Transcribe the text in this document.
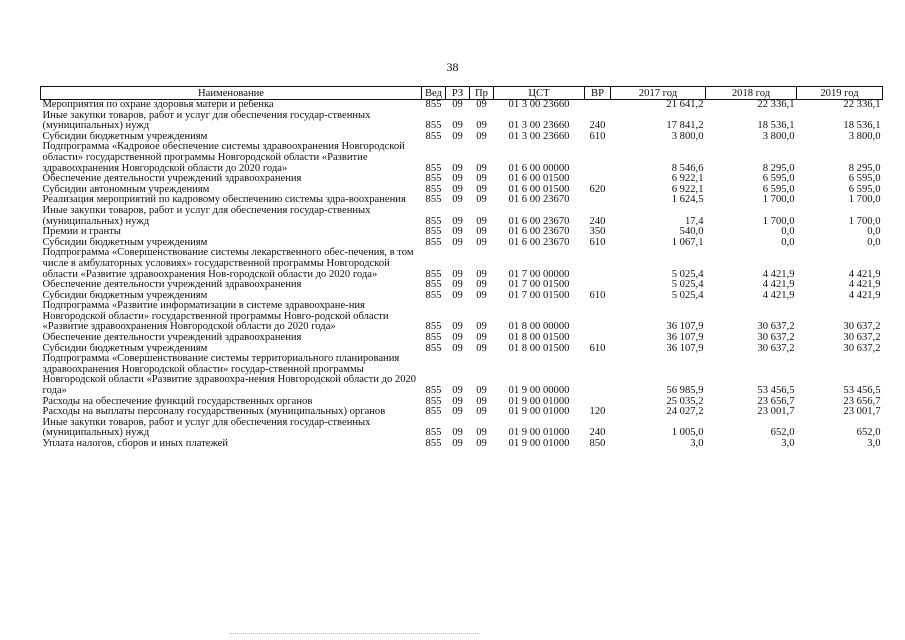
38
Наименование	Вед	РЗ	Пр	ЦСТ	ВР	2017 год	2018 год	2019 год
Мероприятия по охране здоровья матери и ребенка	855	09	09	01 3 00 23660		21 641,2	22 336,1	22 336,1
Иные закупки товаров, работ и услуг для обеспечения государ-ственных (муниципальных) нужд	855	09	09	01 3 00 23660	240	17 841,2	18 536,1	18 536,1
Субсидии бюджетным учреждениям	855	09	09	01 3 00 23660	610	3 800,0	3 800,0	3 800,0
Подпрограмма «Кадровое обеспечение системы здравоохранения Новгородской области» государственной программы Новгородской области «Развитие здравоохранения Новгородской области до 2020 года»	855	09	09	01 6 00 00000		8 546,6	8 295,0	8 295,0
Обеспечение деятельности учреждений здравоохранения	855	09	09	01 6 00 01500		6 922,1	6 595,0	6 595,0
Субсидии автономным учреждениям	855	09	09	01 6 00 01500	620	6 922,1	6 595,0	6 595,0
Реализация мероприятий по кадровому обеспечению системы здра-воохранения	855	09	09	01 6 00 23670		1 624,5	1 700,0	1 700,0
Иные закупки товаров, работ и услуг для обеспечения государ-ственных (муниципальных) нужд	855	09	09	01 6 00 23670	240	17,4	1 700,0	1 700,0
Премии и гранты	855	09	09	01 6 00 23670	350	540,0	0,0	0,0
Субсидии бюджетным учреждениям	855	09	09	01 6 00 23670	610	1 067,1	0,0	0,0
Подпрограмма «Совершенствование системы лекарственного обес-печения, в том числе в амбулаторных условиях» государственной программы Новгородской области «Развитие здравоохранения Нов-городской области до 2020 года»	855	09	09	01 7 00 00000		5 025,4	4 421,9	4 421,9
Обеспечение деятельности учреждений здравоохранения	855	09	09	01 7 00 01500		5 025,4	4 421,9	4 421,9
Субсидии бюджетным учреждениям	855	09	09	01 7 00 01500	610	5 025,4	4 421,9	4 421,9
Подпрограмма «Развитие информатизации в системе здравоохране-ния Новгородской области» государственной программы Новго-родской области «Развитие здравоохранения Новгородской области до 2020 года»	855	09	09	01 8 00 00000		36 107,9	30 637,2	30 637,2
Обеспечение деятельности учреждений здравоохранения	855	09	09	01 8 00 01500		36 107,9	30 637,2	30 637,2
Субсидии бюджетным учреждениям	855	09	09	01 8 00 01500	610	36 107,9	30 637,2	30 637,2
Подпрограмма «Совершенствование системы территориального планирования здравоохранения Новгородской области» государ-ственной программы Новгородской области «Развитие здравоохра-нения Новгородской области до 2020 года»	855	09	09	01 9 00 00000		56 985,9	53 456,5	53 456,5
Расходы на обеспечение функций государственных органов	855	09	09	01 9 00 01000		25 035,2	23 656,7	23 656,7
Расходы на выплаты персоналу государственных (муниципальных) органов	855	09	09	01 9 00 01000	120	24 027,2	23 001,7	23 001,7
Иные закупки товаров, работ и услуг для обеспечения государ-ственных (муниципальных) нужд	855	09	09	01 9 00 01000	240	1 005,0	652,0	652,0
Уплата налогов, сборов и иных платежей	855	09	09	01 9 00 01000	850	3,0	3,0	3,0
